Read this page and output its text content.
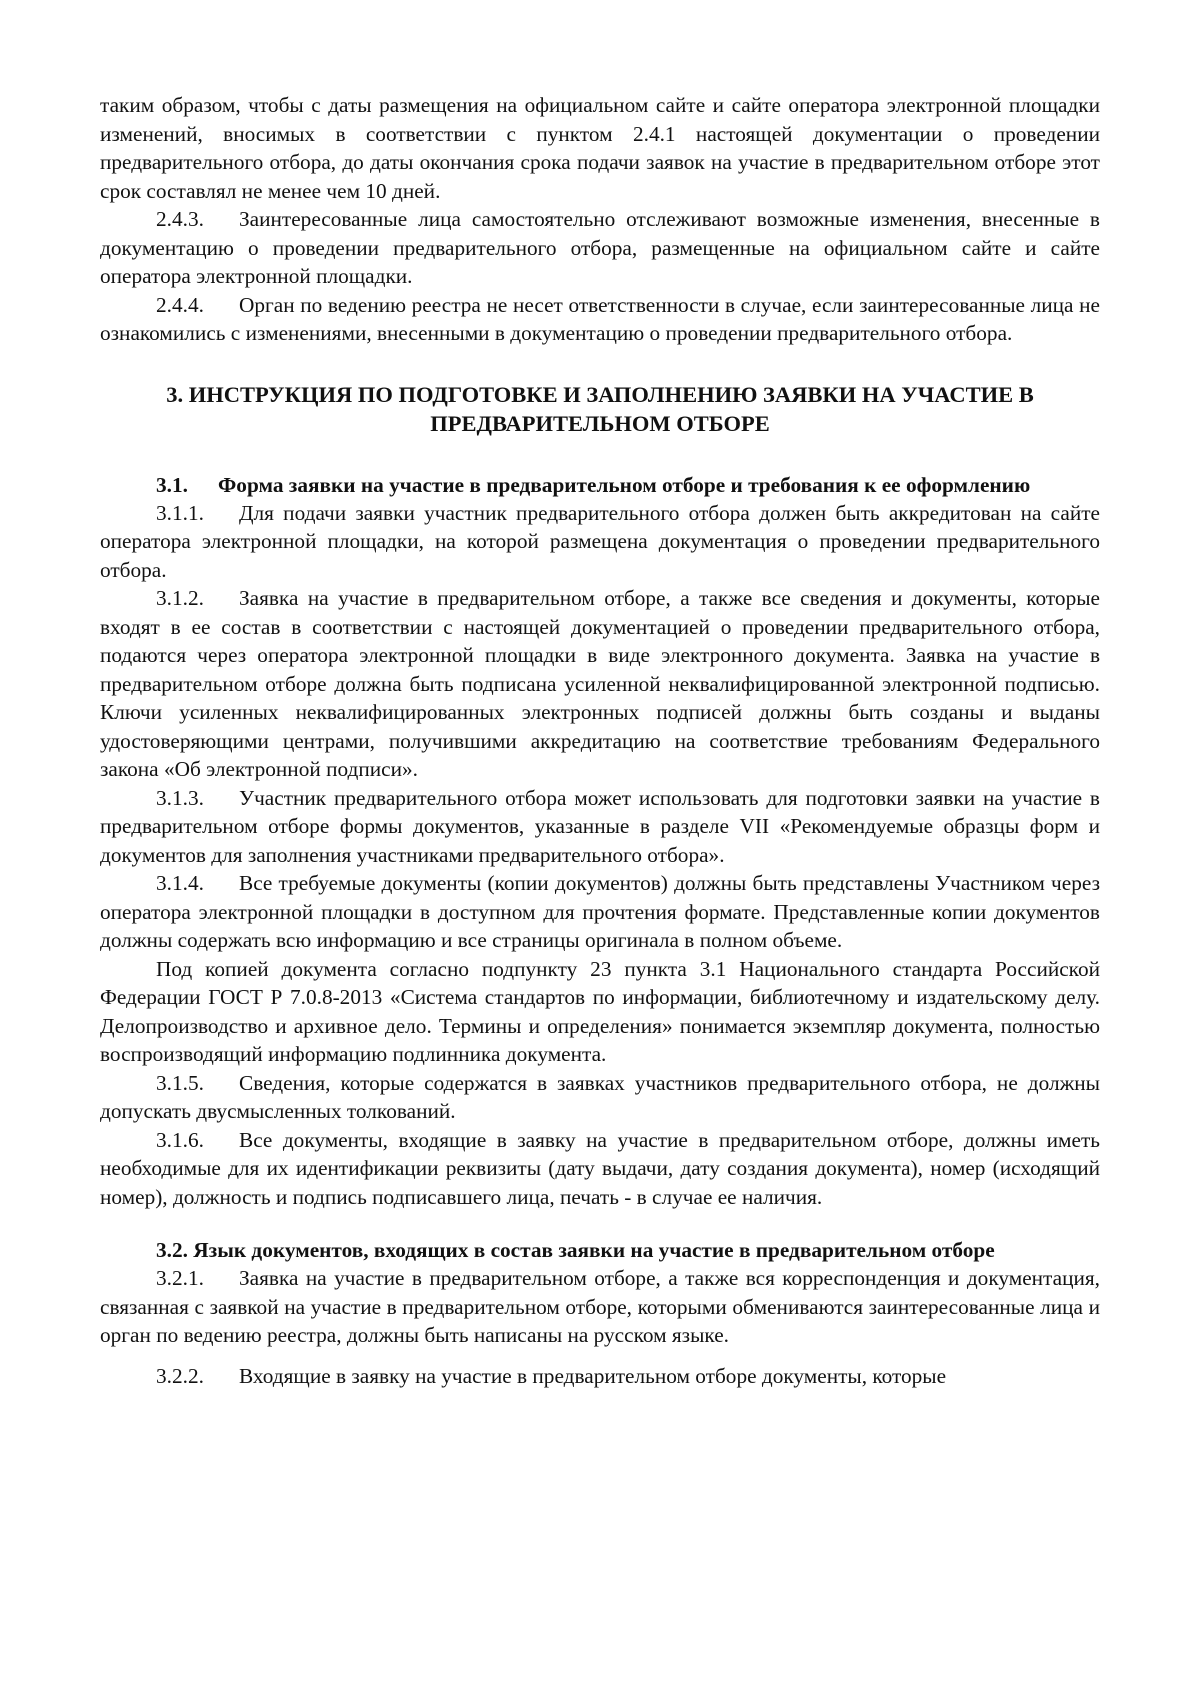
таким образом, чтобы с даты размещения на официальном сайте и сайте оператора электронной площадки изменений, вносимых в соответствии с пунктом 2.4.1 настоящей документации о проведении предварительного отбора, до даты окончания срока подачи заявок на участие в предварительном отборе этот срок составлял не менее чем 10 дней.

2.4.3. Заинтересованные лица самостоятельно отслеживают возможные изменения, внесенные в документацию о проведении предварительного отбора, размещенные на официальном сайте и сайте оператора электронной площадки.

2.4.4. Орган по ведению реестра не несет ответственности в случае, если заинтересованные лица не ознакомились с изменениями, внесенными в документацию о проведении предварительного отбора.

3. ИНСТРУКЦИЯ ПО ПОДГОТОВКЕ И ЗАПОЛНЕНИЮ ЗАЯВКИ НА УЧАСТИЕ В
ПРЕДВАРИТЕЛЬНОМ ОТБОРЕ
3.1. Форма заявки на участие в предварительном отборе и требования к ее оформлению

3.1.1. Для подачи заявки участник предварительного отбора должен быть аккредитован на сайте оператора электронной площадки, на которой размещена документация о проведении предварительного отбора.

3.1.2. Заявка на участие в предварительном отборе, а также все сведения и документы, которые входят в ее состав в соответствии с настоящей документацией о проведении предварительного отбора, подаются через оператора электронной площадки в виде электронного документа. Заявка на участие в предварительном отборе должна быть подписана усиленной неквалифицированной электронной подписью. Ключи усиленных неквалифицированных электронных подписей должны быть созданы и выданы удостоверяющими центрами, получившими аккредитацию на соответствие требованиям Федерального закона «Об электронной подписи».

3.1.3. Участник предварительного отбора может использовать для подготовки заявки на участие в предварительном отборе формы документов, указанные в разделе VII «Рекомендуемые образцы форм и документов для заполнения участниками предварительного отбора».

3.1.4. Все требуемые документы (копии документов) должны быть представлены Участником через оператора электронной площадки в доступном для прочтения формате. Представленные копии документов должны содержать всю информацию и все страницы оригинала в полном объеме.

Под копией документа согласно подпункту 23 пункта 3.1 Национального стандарта Российской Федерации ГОСТ Р 7.0.8-2013 «Система стандартов по информации, библиотечному и издательскому делу. Делопроизводство и архивное дело. Термины и определения» понимается экземпляр документа, полностью воспроизводящий информацию подлинника документа.

3.1.5. Сведения, которые содержатся в заявках участников предварительного отбора, не должны допускать двусмысленных толкований.

3.1.6. Все документы, входящие в заявку на участие в предварительном отборе, должны иметь необходимые для их идентификации реквизиты (дату выдачи, дату создания документа), номер (исходящий номер), должность и подпись подписавшего лица, печать - в случае ее наличия.

3.2. Язык документов, входящих в состав заявки на участие в предварительном отборе

3.2.1. Заявка на участие в предварительном отборе, а также вся корреспонденция и документация, связанная с заявкой на участие в предварительном отборе, которыми обмениваются заинтересованные лица и орган по ведению реестра, должны быть написаны на русском языке.

3.2.2. Входящие в заявку на участие в предварительном отборе документы, которые
